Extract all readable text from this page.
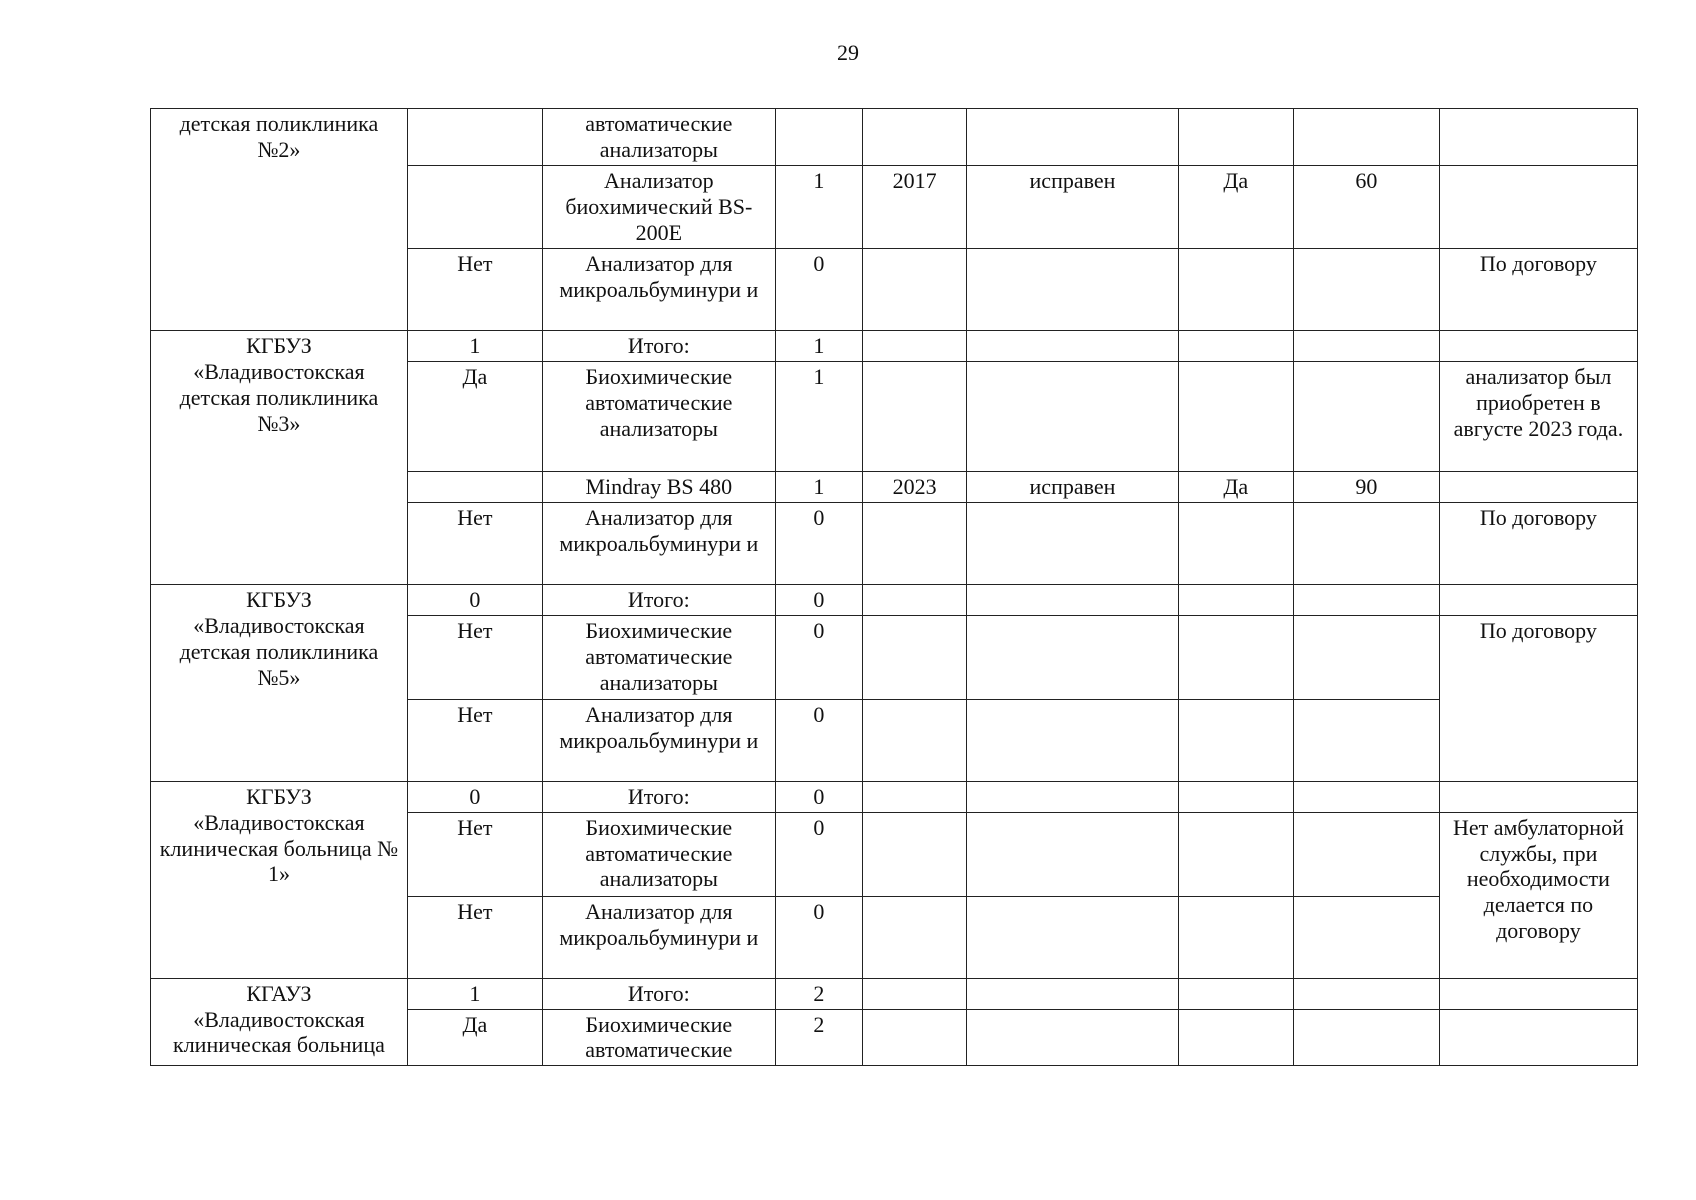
29
детская поликлиника №2»		автоматические анализаторы						
		Анализатор биохимический BS-200E	1	2017	исправен	Да	60	
	Нет	Анализатор для микроальбуминури и	0					По договору
КГБУЗ «Владивостокская детская поликлиника №3»	1	Итого:	1					
	Да	Биохимические автоматические анализаторы	1					анализатор был приобретен в августе 2023 года.
		Mindray BS 480	1	2023	исправен	Да	90	
	Нет	Анализатор для микроальбуминури и	0					По договору
КГБУЗ «Владивостокская детская поликлиника №5»	0	Итого:	0					
	Нет	Биохимические автоматические анализаторы	0					По договору
	Нет	Анализатор для микроальбуминури и	0					
КГБУЗ «Владивостокская клиническая больница № 1»	0	Итого:	0					
	Нет	Биохимические автоматические анализаторы	0					Нет амбулаторной службы, при необходимости делается по договору
	Нет	Анализатор для микроальбуминури и	0					
КГАУЗ «Владивостокская клиническая больница	1	Итого:	2					
	Да	Биохимические автоматические	2					
